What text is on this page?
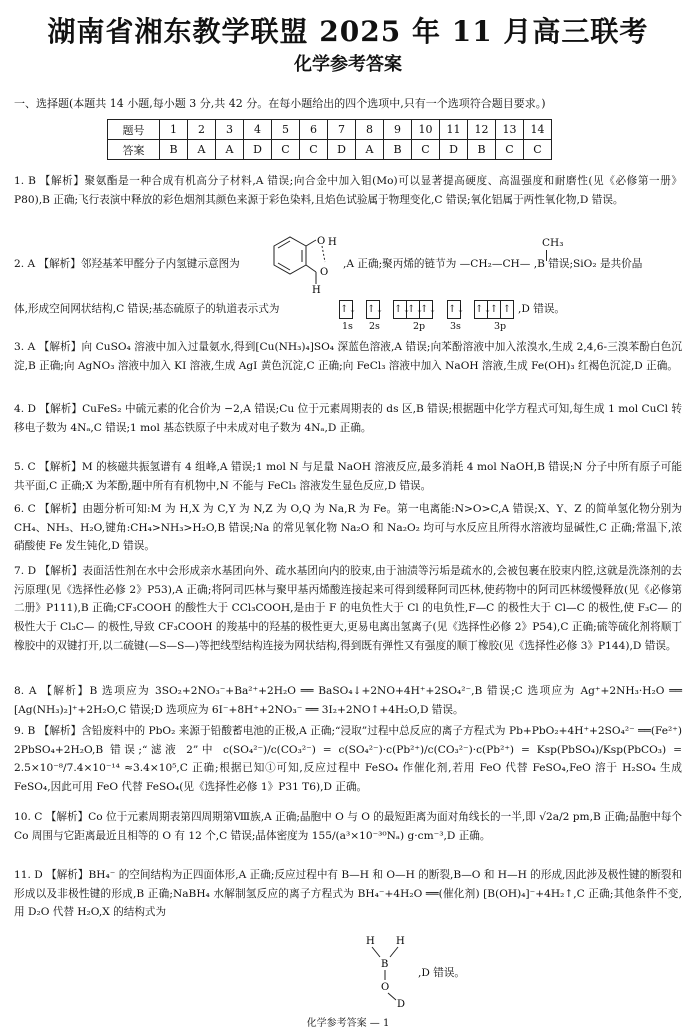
湖南省湘东教学联盟 2025 年 11 月高三联考
化学参考答案
一、选择题(本题共 14 小题,每小题 3 分,共 42 分。在每小题给出的四个选项中,只有一个选项符合题目要求。)
题号	1	2	3	4	5	6	7	8	9	10	11	12	13	14
答案	B	A	A	D	C	C	D	A	B	C	D	B	C	C
1. B 【解析】聚氨酯是一种合成有机高分子材料,A 错误;向合金中加入钼(Mo)可以显著提高硬度、高温强度和耐磨性(见《必修第一册》P80),B 正确;飞行表演中释放的彩色烟剂其颜色来源于彩色染料,且焰色试验属于物理变化,C 错误;氧化铝属于两性氧化物,D 错误。
2. A 【解析】邻羟基苯甲醛分子内氢键示意图为
O H
O
H
CH₃
,A 正确;聚丙烯的链节为 —CH₂—CH— ,B 错误;SiO₂ 是共价晶
体,形成空间网状结构,C 错误;基态硫原子的轨道表示式为	↑↓ ↑↓ ↑↓
↑↓
↑↓ ↑↓ ↑↓
↑ ↑
1s 2s	2p	3s	3p
,D 错误。
3. A 【解析】向 CuSO₄ 溶液中加入过量氨水,得到[Cu(NH₃)₄]SO₄ 深蓝色溶液,A 错误;向苯酚溶液中加入浓溴水,生成 2,4,6-三溴苯酚白色沉淀,B 正确;向 AgNO₃ 溶液中加入 KI 溶液,生成 AgI 黄色沉淀,C 正确;向 FeCl₃ 溶液中加入 NaOH 溶液,生成 Fe(OH)₃ 红褐色沉淀,D 正确。
4. D 【解析】CuFeS₂ 中硫元素的化合价为 −2,A 错误;Cu 位于元素周期表的 ds 区,B 错误;根据题中化学方程式可知,每生成 1 mol CuCl 转移电子数为 4Nₐ,C 错误;1 mol 基态铁原子中未成对电子数为 4Nₐ,D 正确。
5. C 【解析】M 的核磁共振氢谱有 4 组峰,A 错误;1 mol N 与足量 NaOH 溶液反应,最多消耗 4 mol NaOH,B 错误;N 分子中所有原子可能共平面,C 正确;X 为苯酚,题中所有有机物中,N 不能与 FeCl₃ 溶液发生显色反应,D 错误。
6. C 【解析】由题分析可知:M 为 H,X 为 C,Y 为 N,Z 为 O,Q 为 Na,R 为 Fe。第一电离能:N>O>C,A 错误;X、Y、Z 的简单氢化物分别为 CH₄、NH₃、H₂O,键角:CH₄>NH₃>H₂O,B 错误;Na 的常见氧化物 Na₂O 和 Na₂O₂ 均可与水反应且所得水溶液均显碱性,C 正确;常温下,浓硝酸使 Fe 发生钝化,D 错误。
7. D 【解析】表面活性剂在水中会形成亲水基团向外、疏水基团向内的胶束,由于油渍等污垢是疏水的,会被包裹在胶束内腔,这就是洗涤剂的去污原理(见《选择性必修 2》P53),A 正确;将阿司匹林与聚甲基丙烯酸连接起来可得到缓释阿司匹林,使药物中的阿司匹林缓慢释放(见《必修第二册》P111),B 正确;CF₃COOH 的酸性大于 CCl₃COOH,是由于 F 的电负性大于 Cl 的电负性,F—C 的极性大于 Cl—C 的极性,使 F₃C— 的极性大于 Cl₃C— 的极性,导致 CF₃COOH 的羧基中的羟基的极性更大,更易电离出氢离子(见《选择性必修 2》P54),C 正确;硫等硫化剂将顺丁橡胶中的双键打开,以二硫键(—S—S—)等把线型结构连接为网状结构,得到既有弹性又有强度的顺丁橡胶(见《选择性必修 3》P144),D 错误。
8. A 【解析】B 选项应为 3SO₂+2NO₃⁻+Ba²⁺+2H₂O ══ BaSO₄↓+2NO+4H⁺+2SO₄²⁻,B 错误;C 选项应为 Ag⁺+2NH₃·H₂O ══ [Ag(NH₃)₂]⁺+2H₂O,C 错误;D 选项应为 6I⁻+8H⁺+2NO₃⁻ ══ 3I₂+2NO↑+4H₂O,D 错误。
9. B 【解析】含铅废料中的 PbO₂ 来源于铅酸蓄电池的正极,A 正确;“浸取”过程中总反应的离子方程式为 Pb+PbO₂+4H⁺+2SO₄²⁻ ══(Fe²⁺) 2PbSO₄+2H₂O,B 错误;“滤液 2”中 c(SO₄²⁻)/c(CO₃²⁻) = c(SO₄²⁻)·c(Pb²⁺)/c(CO₃²⁻)·c(Pb²⁺) = Ksp(PbSO₄)/Ksp(PbCO₃) = 2.5×10⁻⁸/7.4×10⁻¹⁴ ≈3.4×10⁵,C 正确;根据已知①可知,反应过程中 FeSO₄ 作催化剂,若用 FeO 代替 FeSO₄,FeO 溶于 H₂SO₄ 生成 FeSO₄,因此可用 FeO 代替 FeSO₄(见《选择性必修 1》P31 T6),D 正确。
10. C 【解析】Co 位于元素周期表第四周期第Ⅷ族,A 正确;晶胞中 O 与 O 的最短距离为面对角线长的一半,即 √2a/2 pm,B 正确;晶胞中每个 Co 周围与它距离最近且相等的 O 有 12 个,C 错误;晶体密度为 155/(a³×10⁻³⁰Nₐ) g·cm⁻³,D 正确。
11. D 【解析】BH₄⁻ 的空间结构为正四面体形,A 正确;反应过程中有 B—H 和 O—H 的断裂,B—O 和 H—H 的形成,因此涉及极性键的断裂和形成以及非极性键的形成,B 正确;NaBH₄ 水解制氢反应的离子方程式为 BH₄⁻+4H₂O ══(催化剂) [B(OH)₄]⁻+4H₂↑,C 正确;其他条件不变,用 D₂O 代替 H₂O,X 的结构式为
H H
B
O
D
,D 错误。
化学参考答案 — 1
